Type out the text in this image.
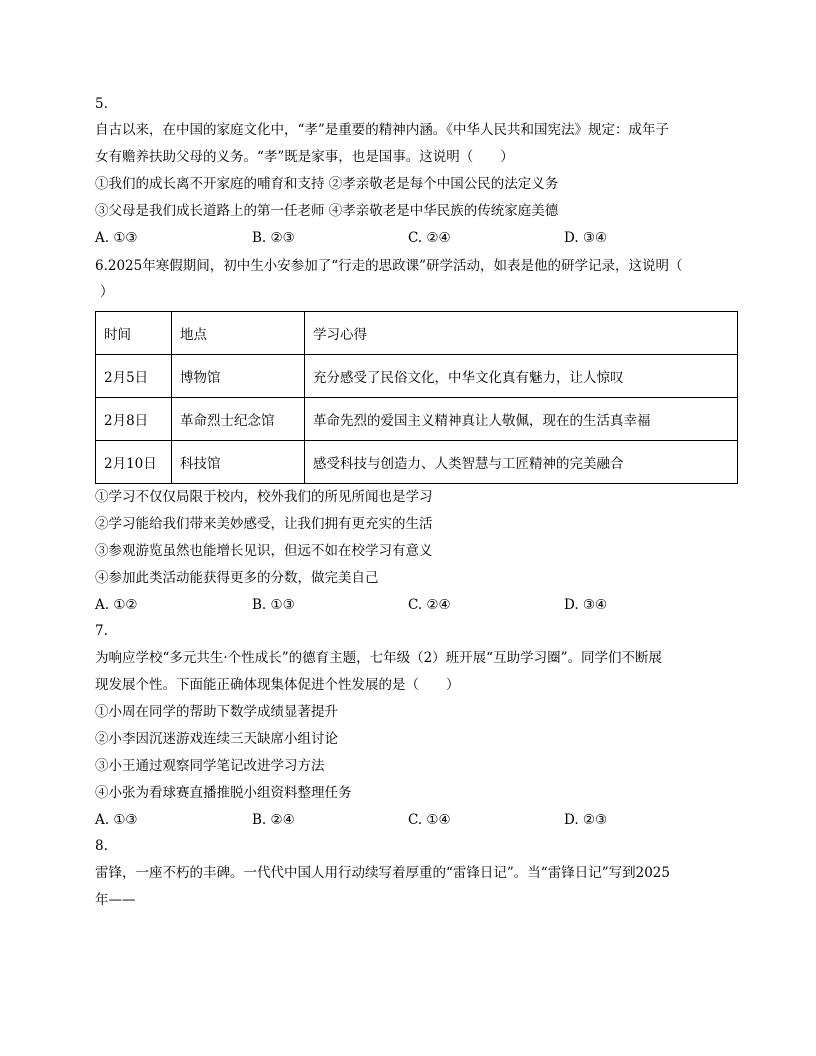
5.
自古以来，在中国的家庭文化中，“孝”是重要的精神内涵。《中华人民共和国宪法》规定：成年子
女有赡养扶助父母的义务。“孝”既是家事，也是国事。这说明（　　）
①我们的成长离不开家庭的哺育和支持 ②孝亲敬老是每个中国公民的法定义务
③父母是我们成长道路上的第一任老师 ④孝亲敬老是中华民族的传统家庭美德
A. ①③	B. ②③	C. ②④	D. ③④
6.2025年寒假期间，初中生小安参加了“行走的思政课”研学活动，如表是他的研学记录，这说明（
）
时间	地点	学习心得
2月5日	博物馆	充分感受了民俗文化，中华文化真有魅力，让人惊叹
2月8日	革命烈士纪念馆	革命先烈的爱国主义精神真让人敬佩，现在的生活真幸福
2月10日	科技馆	感受科技与创造力、人类智慧与工匠精神的完美融合
①学习不仅仅局限于校内，校外我们的所见所闻也是学习
②学习能给我们带来美妙感受，让我们拥有更充实的生活
③参观游览虽然也能增长见识，但远不如在校学习有意义
④参加此类活动能获得更多的分数，做完美自己
A. ①②	B. ①③	C. ②④	D. ③④
7.
为响应学校“多元共生·个性成长”的德育主题，七年级（2）班开展“互助学习圈”。同学们不断展
现发展个性。下面能正确体现集体促进个性发展的是（　　）
①小周在同学的帮助下数学成绩显著提升
②小李因沉迷游戏连续三天缺席小组讨论
③小王通过观察同学笔记改进学习方法
④小张为看球赛直播推脱小组资料整理任务
A. ①③	B. ②④	C. ①④	D. ②③
8.
雷锋，一座不朽的丰碑。一代代中国人用行动续写着厚重的“雷锋日记”。当“雷锋日记”写到2025
年——
